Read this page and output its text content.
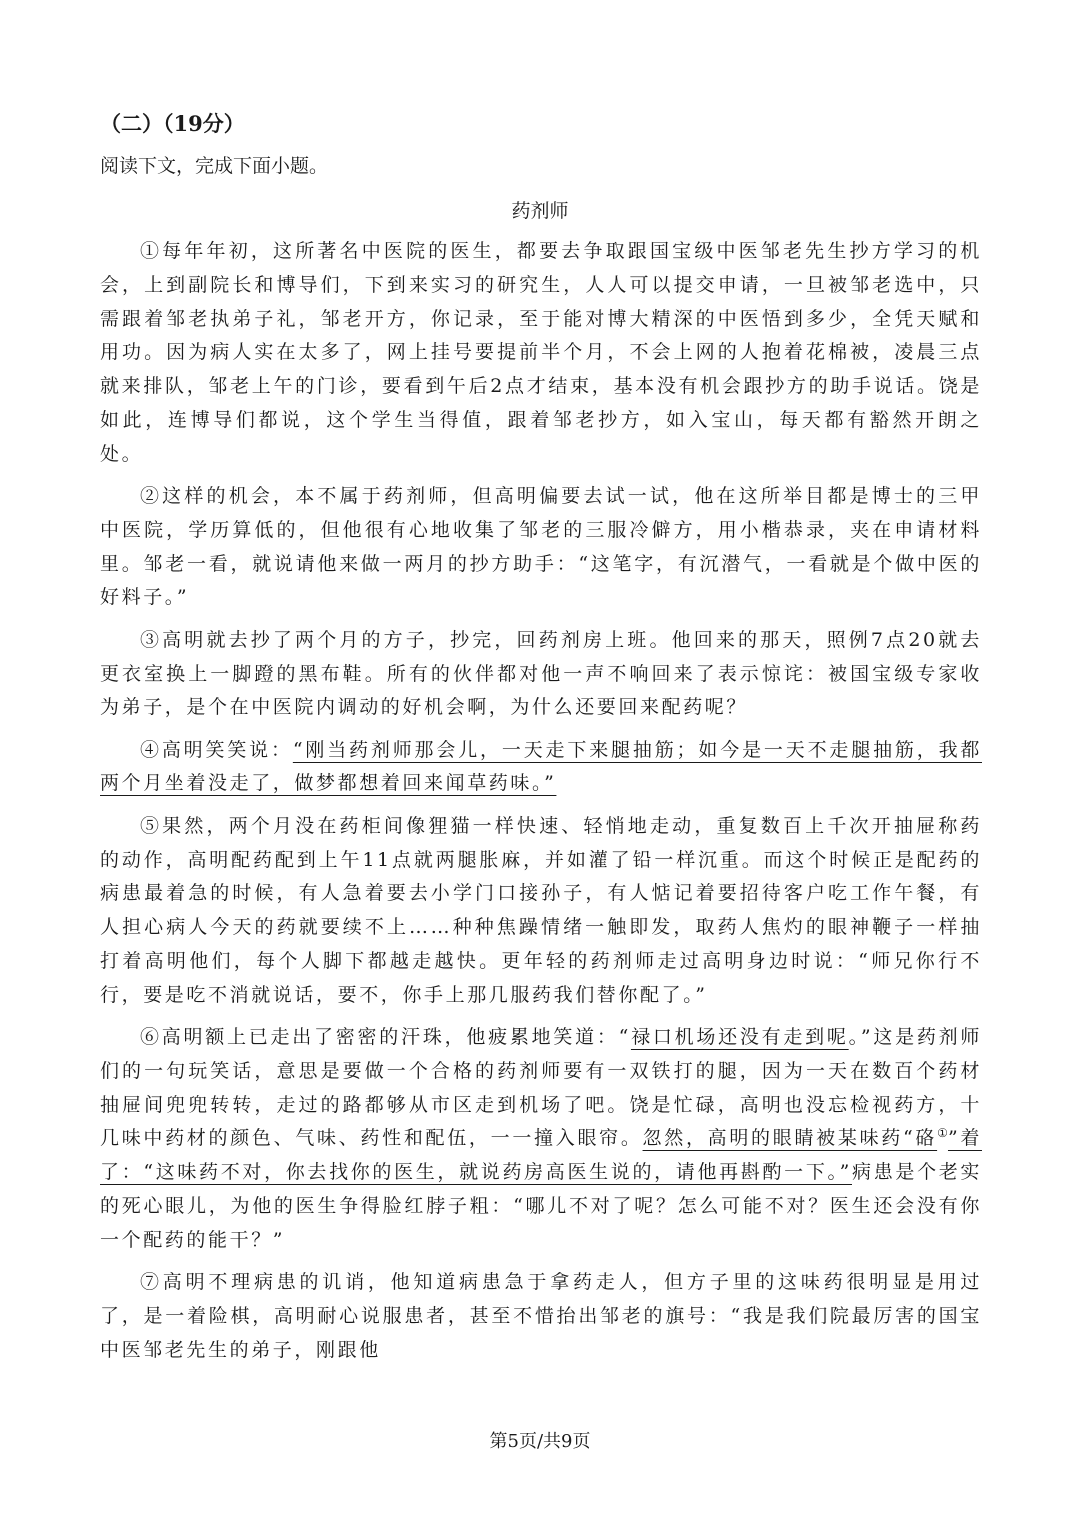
（二）（19分）
阅读下文，完成下面小题。
药剂师

①每年年初，这所著名中医院的医生，都要去争取跟国宝级中医邹老先生抄方学习的机会，上到副院长和博导们，下到来实习的研究生，人人可以提交申请，一旦被邹老选中，只需跟着邹老执弟子礼，邹老开方，你记录，至于能对博大精深的中医悟到多少，全凭天赋和用功。因为病人实在太多了，网上挂号要提前半个月，不会上网的人抱着花棉被，凌晨三点就来排队，邹老上午的门诊，要看到午后2点才结束，基本没有机会跟抄方的助手说话。饶是如此，连博导们都说，这个学生当得值，跟着邹老抄方，如入宝山，每天都有豁然开朗之处。

②这样的机会，本不属于药剂师，但高明偏要去试一试，他在这所举目都是博士的三甲中医院，学历算低的，但他很有心地收集了邹老的三服冷僻方，用小楷恭录，夹在申请材料里。邹老一看，就说请他来做一两月的抄方助手：“这笔字，有沉潜气，一看就是个做中医的好料子。”

③高明就去抄了两个月的方子，抄完，回药剂房上班。他回来的那天，照例7点20就去更衣室换上一脚蹬的黑布鞋。所有的伙伴都对他一声不响回来了表示惊诧：被国宝级专家收为弟子，是个在中医院内调动的好机会啊，为什么还要回来配药呢？

④高明笑笑说：“刚当药剂师那会儿，一天走下来腿抽筋；如今是一天不走腿抽筋，我都两个月坐着没走了，做梦都想着回来闻草药味。”

⑤果然，两个月没在药柜间像狸猫一样快速、轻悄地走动，重复数百上千次开抽屉称药的动作，高明配药配到上午11点就两腿胀麻，并如灌了铅一样沉重。而这个时候正是配药的病患最着急的时候，有人急着要去小学门口接孙子，有人惦记着要招待客户吃工作午餐，有人担心病人今天的药就要续不上……种种焦躁情绪一触即发，取药人焦灼的眼神鞭子一样抽打着高明他们，每个人脚下都越走越快。更年轻的药剂师走过高明身边时说：“师兄你行不行，要是吃不消就说话，要不，你手上那几服药我们替你配了。”

⑥高明额上已走出了密密的汗珠，他疲累地笑道：“禄口机场还没有走到呢。”这是药剂师们的一句玩笑话，意思是要做一个合格的药剂师要有一双铁打的腿，因为一天在数百个药材抽屉间兜兜转转，走过的路都够从市区走到机场了吧。饶是忙碌，高明也没忘检视药方，十几味中药材的颜色、气味、药性和配伍，一一撞入眼帘。忽然，高明的眼睛被某味药“硌①”着了：“这味药不对，你去找你的医生，就说药房高医生说的，请他再斟酌一下。”病患是个老实的死心眼儿，为他的医生争得脸红脖子粗：“哪儿不对了呢？怎么可能不对？医生还会没有你一个配药的能干？”

⑦高明不理病患的讥诮，他知道病患急于拿药走人，但方子里的这味药很明显是用过了，是一着险棋，高明耐心说服患者，甚至不惜抬出邹老的旗号：“我是我们院最厉害的国宝中医邹老先生的弟子，刚跟他

第5页/共9页
